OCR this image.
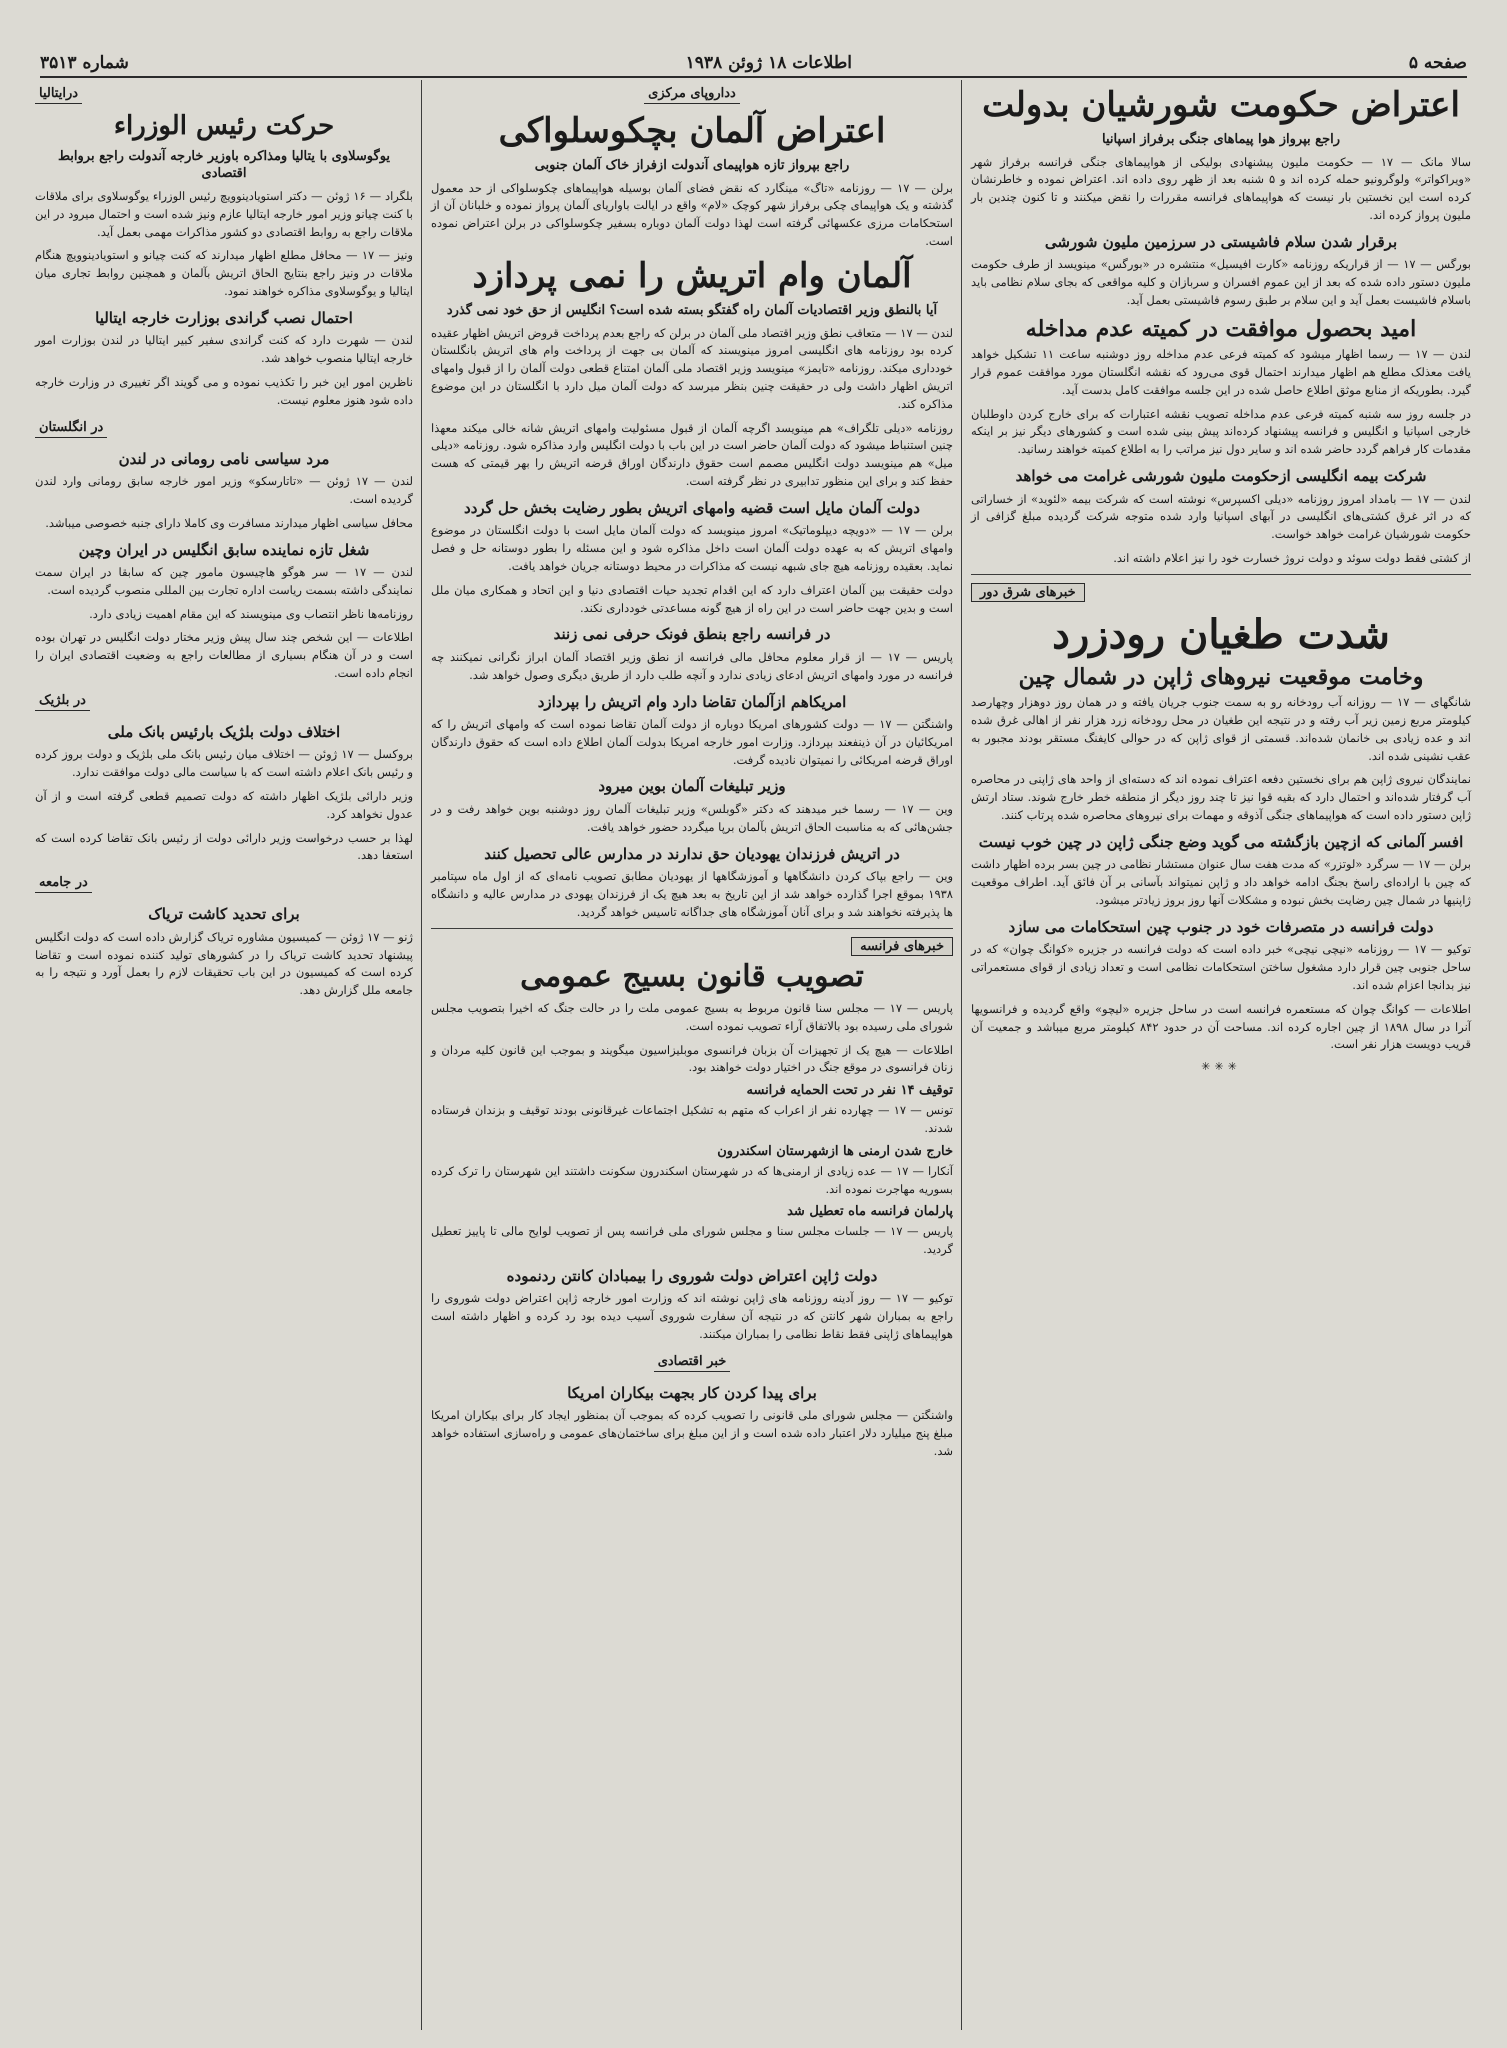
صفحه ۵
اطلاعات ۱۸ ژوئن ۱۹۳۸
شماره ۳۵۱۳
اعتراض حکومت شورشیان بدولت
راجع بپرواز هوا پیماهای جنگی برفراز اسپانیا

سالا مانک — ۱۷ — حکومت ملیون پیشنهادی بولیکی از هواپیماهای جنگی فرانسه برفراز شهر «ویراکواتر» ولوگرونیو حمله کرده اند و ۵ شنبه بعد از ظهر روی داده اند. اعتراض نموده و خاطرنشان کرده است این نخستین بار نیست که هواپیماهای فرانسه مقررات را نقض میکنند و تا کنون چندین بار ملیون پرواز کرده اند.

برقرار شدن سلام فاشیستی در سرزمین ملیون شورشی

بورگس — ۱۷ — از قراریکه روزنامه «کارت افیسیل» منتشره در «بورگس» مینویسد از طرف حکومت ملیون دستور داده شده که بعد از این عموم افسران و سربازان و کلیه مواقعی که بجای سلام نظامی باید باسلام فاشیست بعمل آید و این سلام بر طبق رسوم فاشیستی بعمل آید.

امید بحصول موافقت در کمیته عدم مداخله

لندن — ۱۷ — رسما اظهار میشود که کمیته فرعی عدم مداخله روز دوشنبه ساعت ۱۱ تشکیل خواهد یافت معذلک مطلع هم اظهار میدارند احتمال قوی می‌رود که نقشه انگلستان مورد موافقت عموم قرار گیرد. بطوریکه از منابع موثق اطلاع حاصل شده در این جلسه موافقت کامل بدست آید.

در جلسه روز سه شنبه کمیته فرعی عدم مداخله تصویب نقشه اعتبارات که برای خارج کردن داوطلبان خارجی اسپانیا و انگلیس و فرانسه پیشنهاد کرده‌اند پیش بینی شده است و کشورهای دیگر نیز بر اینکه مقدمات کار فراهم گردد حاضر شده اند و سایر دول نیز مراتب را به اطلاع کمیته خواهند رسانید.

شرکت بیمه انگلیسی ازحکومت ملیون شورشی غرامت می خواهد

لندن — ۱۷ — بامداد امروز روزنامه «دیلی اکسپرس» نوشته است که شرکت بیمه «لئوید» از خساراتی که در اثر غرق کشتی‌های انگلیسی در آبهای اسپانیا وارد شده متوجه شرکت گردیده مبلغ گزافی از حکومت شورشیان غرامت خواهد خواست.

از کشتی فقط دولت سوئد و دولت نروژ خسارت خود را نیز اعلام داشته اند.

خبرهای شرق دور
شدت طغیان رودزرد
وخامت موقعیت نیروهای ژاپن در شمال چین

شانگهای — ۱۷ — روزانه آب رودخانه رو به سمت جنوب جریان یافته و در همان روز دوهزار وچهارصد کیلومتر مربع زمین زیر آب رفته و در نتیجه این طغیان در محل رودخانه زرد هزار نفر از اهالی غرق شده اند و عده زیادی بی خانمان شده‌اند. قسمتی از قوای ژاپن که در حوالی کایفنگ مستقر بودند مجبور به عقب نشینی شده اند.

نمایندگان نیروی ژاپن هم برای نخستین دفعه اعتراف نموده اند که دسته‌ای از واحد های ژاپنی در محاصره آب گرفتار شده‌اند و احتمال دارد که بقیه قوا نیز تا چند روز دیگر از منطقه خطر خارج شوند. ستاد ارتش ژاپن دستور داده است که هواپیماهای جنگی آذوقه و مهمات برای نیروهای محاصره شده پرتاب کنند.

افسر آلمانی که ازچین بازگشته می گوید وضع جنگی ژاپن در چین خوب نیست

برلن — ۱۷ — سرگرد «لوتزر» که مدت هفت سال عنوان مستشار نظامی در چین بسر برده اظهار داشت که چین با اراده‌ای راسخ بجنگ ادامه خواهد داد و ژاپن نمیتواند بآسانی بر آن فائق آید. اطراف موقعیت ژاپنیها در شمال چین رضایت بخش نبوده و مشکلات آنها روز بروز زیادتر میشود.

دولت فرانسه در متصرفات خود در جنوب چین استحکامات می سازد

توکیو — ۱۷ — روزنامه «نیچی نیچی» خبر داده است که دولت فرانسه در جزیره «کوانگ چوان» که در ساحل جنوبی چین قرار دارد مشغول ساختن استحکامات نظامی است و تعداد زیادی از قوای مستعمراتی نیز بدانجا اعزام شده اند.

اطلاعات — کوانگ چوان که مستعمره فرانسه است در ساحل جزیره «لیچو» واقع گردیده و فرانسویها آنرا در سال ۱۸۹۸ از چین اجاره کرده اند. مساحت آن در حدود ۸۴۲ کیلومتر مربع میباشد و جمعیت آن قریب دویست هزار نفر است.

✳✳✳
دداروپای مرکزی
اعتراض آلمان بچکوسلواکی
راجع بپرواز تازه هواپیمای آندولت ازفراز خاک آلمان جنوبی

برلن — ۱۷ — روزنامه «تاگ» مینگارد که نقض فضای آلمان بوسیله هواپیماهای چکوسلواکی از حد معمول گذشته و یک هواپیمای چکی برفراز شهر کوچک «لام» واقع در ایالت باواریای آلمان پرواز نموده و خلبانان آن از استحکامات مرزی عکسهائی گرفته است لهذا دولت آلمان دوباره بسفیر چکوسلواکی در برلن اعتراض نموده است.

آلمان وام اتریش را نمی پردازد
آیا بالنطق وزیر اقتصادیات آلمان راه گفتگو بسته شده است؟ انگلیس از حق خود نمی گذرد

لندن — ۱۷ — متعاقب نطق وزیر اقتصاد ملی آلمان در برلن که راجع بعدم پرداخت قروض اتریش اظهار عقیده کرده بود روزنامه های انگلیسی امروز مینویسند که آلمان بی جهت از پرداخت وام های اتریش بانگلستان خودداری میکند. روزنامه «تایمز» مینویسد وزیر اقتصاد ملی آلمان امتناع قطعی دولت آلمان را از قبول وامهای اتریش اظهار داشت ولی در حقیقت چنین بنظر میرسد که دولت آلمان میل دارد با انگلستان در این موضوع مذاکره کند.

روزنامه «دیلی تلگراف» هم مینویسد اگرچه آلمان از قبول مسئولیت وامهای اتریش شانه خالی میکند معهذا چنین استنباط میشود که دولت آلمان حاضر است در این باب با دولت انگلیس وارد مذاکره شود. روزنامه «دیلی میل» هم مینویسد دولت انگلیس مصمم است حقوق دارندگان اوراق قرضه اتریش را بهر قیمتی که هست حفظ کند و برای این منظور تدابیری در نظر گرفته است.

دولت آلمان مایل است قضیه وامهای اتریش بطور رضایت بخش حل گردد

برلن — ۱۷ — «دویچه دیپلوماتیک» امروز مینویسد که دولت آلمان مایل است با دولت انگلستان در موضوع وامهای اتریش که به عهده دولت آلمان است داخل مذاکره شود و این مسئله را بطور دوستانه حل و فصل نماید. بعقیده روزنامه هیچ جای شبهه نیست که مذاکرات در محیط دوستانه جریان خواهد یافت.

دولت حقیقت بین آلمان اعتراف دارد که این اقدام تجدید حیات اقتصادی دنیا و این اتحاد و همکاری میان ملل است و بدین جهت حاضر است در این راه از هیچ گونه مساعدتی خودداری نکند.

در فرانسه راجع بنطق فونک حرفی نمی زنند

پاریس — ۱۷ — از قرار معلوم محافل مالی فرانسه از نطق وزیر اقتصاد آلمان ابراز نگرانی نمیکنند چه فرانسه در مورد وامهای اتریش ادعای زیادی ندارد و آنچه طلب دارد از طریق دیگری وصول خواهد شد.

امریکاهم ازآلمان تقاضا دارد وام اتریش را بپردازد

واشنگتن — ۱۷ — دولت کشورهای امریکا دوباره از دولت آلمان تقاضا نموده است که وامهای اتریش را که امریکائیان در آن ذینفعند بپردازد. وزارت امور خارجه امریکا بدولت آلمان اطلاع داده است که حقوق دارندگان اوراق قرضه امریکائی را نمیتوان نادیده گرفت.

وزیر تبلیغات آلمان بوین میرود

وین — ۱۷ — رسما خبر میدهند که دکتر «گوبلس» وزیر تبلیغات آلمان روز دوشنبه بوین خواهد رفت و در جشن‌هائی که به مناسبت الحاق اتریش بآلمان برپا میگردد حضور خواهد یافت.

در اتریش فرزندان یهودیان حق ندارند در مدارس عالی تحصیل کنند

وین — راجع بپاک کردن دانشگاهها و آموزشگاهها از یهودیان مطابق تصویب نامه‌ای که از اول ماه سپتامبر ۱۹۳۸ بموقع اجرا گذارده خواهد شد از این تاریخ به بعد هیچ یک از فرزندان یهودی در مدارس عالیه و دانشگاه ها پذیرفته نخواهند شد و برای آنان آموزشگاه های جداگانه تاسیس خواهد گردید.

خبرهای فرانسه
تصویب قانون بسیج عمومی

پاریس — ۱۷ — مجلس سنا قانون مربوط به بسیج عمومی ملت را در حالت جنگ که اخیرا بتصویب مجلس شورای ملی رسیده بود بالاتفاق آراء تصویب نموده است.

اطلاعات — هیچ یک از تجهیزات آن بزبان فرانسوی موبلیزاسیون میگویند و بموجب این قانون کلیه مردان و زنان فرانسوی در موقع جنگ در اختیار دولت خواهند بود.

توقیف ۱۴ نفر در تحت الحمایه فرانسه

تونس — ۱۷ — چهارده نفر از اعراب که متهم به تشکیل اجتماعات غیرقانونی بودند توقیف و بزندان فرستاده شدند.

خارج شدن ارمنی ها ازشهرستان اسکندرون

آنکارا — ۱۷ — عده زیادی از ارمنی‌ها که در شهرستان اسکندرون سکونت داشتند این شهرستان را ترک کرده بسوریه مهاجرت نموده اند.

پارلمان فرانسه ماه تعطیل شد

پاریس — ۱۷ — جلسات مجلس سنا و مجلس شورای ملی فرانسه پس از تصویب لوایح مالی تا پاییز تعطیل گردید.

دولت ژاپن اعتراض دولت شوروی را بیمبادان کانتن ردنموده

توکیو — ۱۷ — روز آدینه روزنامه های ژاپن نوشته اند که وزارت امور خارجه ژاپن اعتراض دولت شوروی را راجع به بمباران شهر کانتن که در نتیجه آن سفارت شوروی آسیب دیده بود رد کرده و اظهار داشته است هواپیماهای ژاپنی فقط نقاط نظامی را بمباران میکنند.

خبر اقتصادی
برای پیدا کردن کار بجهت بیکاران امریکا

واشنگتن — مجلس شورای ملی قانونی را تصویب کرده که بموجب آن بمنظور ایجاد کار برای بیکاران امریکا مبلغ پنج میلیارد دلار اعتبار داده شده است و از این مبلغ برای ساختمان‌های عمومی و راه‌سازی استفاده خواهد شد.

درایتالیا
حرکت رئیس الوزراء
یوگوسلاوی با یتالیا ومذاکره باوزیر خارجه آندولت راجع بروابط اقتصادی

بلگراد — ۱۶ ژوئن — دکتر استویادینوویچ رئیس الوزراء یوگوسلاوی برای ملاقات با کنت چیانو وزیر امور خارجه ایتالیا عازم ونیز شده است و احتمال میرود در این ملاقات راجع به روابط اقتصادی دو کشور مذاکرات مهمی بعمل آید.

ونیز — ۱۷ — محافل مطلع اظهار میدارند که کنت چیانو و استویادینوویچ هنگام ملاقات در ونیز راجع بنتایج الحاق اتریش بآلمان و همچنین روابط تجاری میان ایتالیا و یوگوسلاوی مذاکره خواهند نمود.

احتمال نصب گراندی بوزارت خارجه ایتالیا

لندن — شهرت دارد که کنت گراندی سفیر کبیر ایتالیا در لندن بوزارت امور خارجه ایتالیا منصوب خواهد شد.

ناظرین امور این خبر را تکذیب نموده و می گویند اگر تغییری در وزارت خارجه داده شود هنوز معلوم نیست.

در انگلستان
مرد سیاسی نامی رومانی در لندن

لندن — ۱۷ ژوئن — «تاتارسکو» وزیر امور خارجه سابق رومانی وارد لندن گردیده است.

محافل سیاسی اظهار میدارند مسافرت وی کاملا دارای جنبه خصوصی میباشد.

شغل تازه نماینده سابق انگلیس در ایران وچین

لندن — ۱۷ — سر هوگو هاچیسون مامور چین که سابقا در ایران سمت نمایندگی داشته بسمت ریاست اداره تجارت بین المللی منصوب گردیده است.

روزنامه‌ها ناظر انتصاب وی مینویسند که این مقام اهمیت زیادی دارد.

اطلاعات — این شخص چند سال پیش وزیر مختار دولت انگلیس در تهران بوده است و در آن هنگام بسیاری از مطالعات راجع به وضعیت اقتصادی ایران را انجام داده است.

در بلژیک
اختلاف دولت بلژیک بارئیس بانک ملی

بروکسل — ۱۷ ژوئن — اختلاف میان رئیس بانک ملی بلژیک و دولت بروز کرده و رئیس بانک اعلام داشته است که با سیاست مالی دولت موافقت ندارد.

وزیر دارائی بلژیک اظهار داشته که دولت تصمیم قطعی گرفته است و از آن عدول نخواهد کرد.

لهذا بر حسب درخواست وزیر دارائی دولت از رئیس بانک تقاضا کرده است که استعفا دهد.

در جامعه
برای تحدید کاشت تریاک

ژنو — ۱۷ ژوئن — کمیسیون مشاوره تریاک گزارش داده است که دولت انگلیس پیشنهاد تحدید کاشت تریاک را در کشورهای تولید کننده نموده است و تقاضا کرده است که کمیسیون در این باب تحقیقات لازم را بعمل آورد و نتیجه را به جامعه ملل گزارش دهد.
